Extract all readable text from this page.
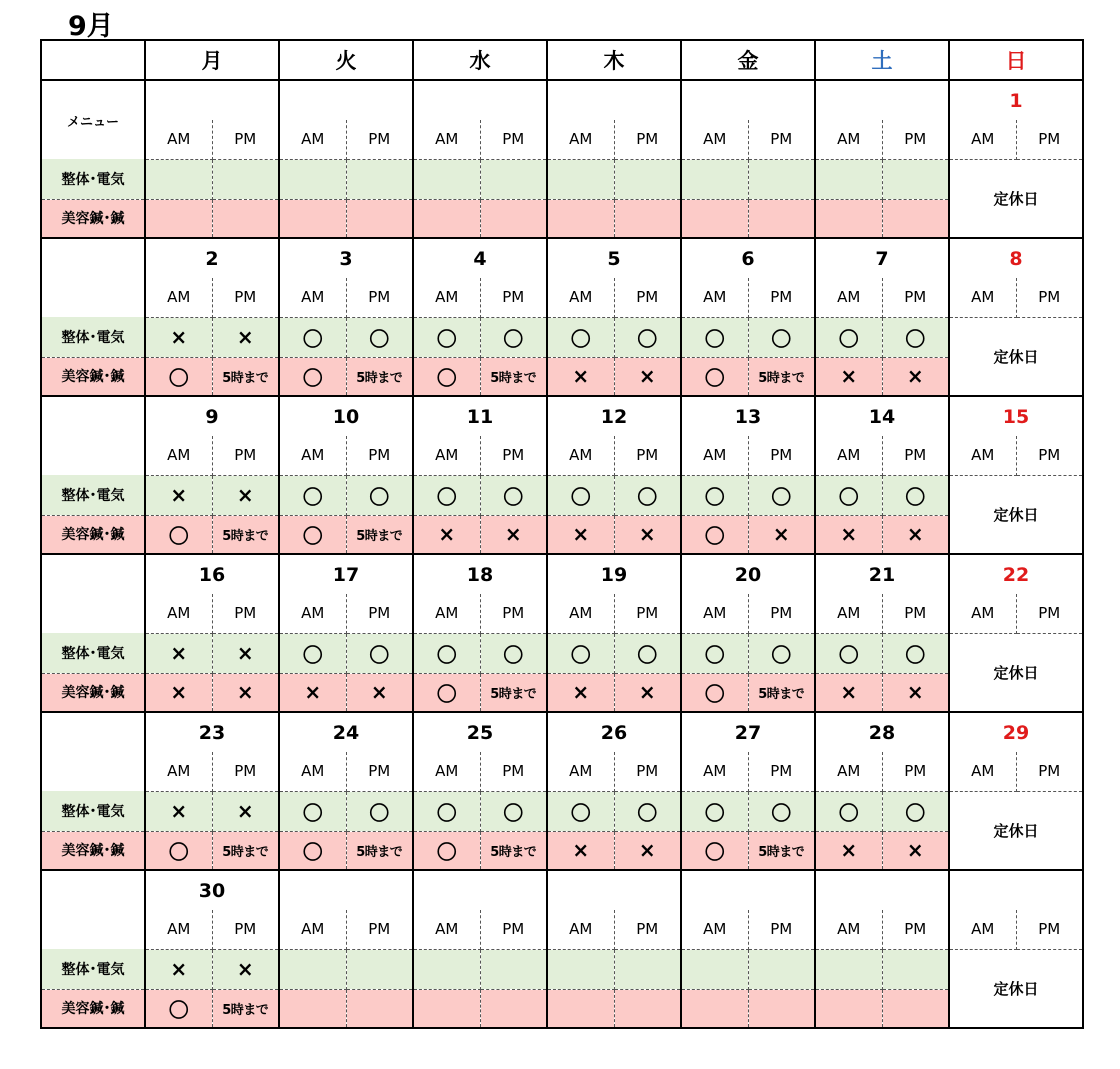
9月
	月		火		水		木		金		土		日	
メニュー													1	
	AM	PM	AM	PM	AM	PM	AM	PM	AM	PM	AM	PM	AM	PM
整体･電気													定休日	
美容鍼･鍼														
	2		3		4		5		6		7		8	
	AM	PM	AM	PM	AM	PM	AM	PM	AM	PM	AM	PM	AM	PM
整体･電気	×	×	〇	〇	〇	〇	〇	〇	〇	〇	〇	〇	定休日	
美容鍼･鍼	〇	5時まで	〇	5時まで	〇	5時まで	×	×	〇	5時まで	×	×		
	9		10		11		12		13		14		15	
	AM	PM	AM	PM	AM	PM	AM	PM	AM	PM	AM	PM	AM	PM
整体･電気	×	×	〇	〇	〇	〇	〇	〇	〇	〇	〇	〇	定休日	
美容鍼･鍼	〇	5時まで	〇	5時まで	×	×	×	×	〇	×	×	×		
	16		17		18		19		20		21		22	
	AM	PM	AM	PM	AM	PM	AM	PM	AM	PM	AM	PM	AM	PM
整体･電気	×	×	〇	〇	〇	〇	〇	〇	〇	〇	〇	〇	定休日	
美容鍼･鍼	×	×	×	×	〇	5時まで	×	×	〇	5時まで	×	×		
	23		24		25		26		27		28		29	
	AM	PM	AM	PM	AM	PM	AM	PM	AM	PM	AM	PM	AM	PM
整体･電気	×	×	〇	〇	〇	〇	〇	〇	〇	〇	〇	〇	定休日	
美容鍼･鍼	〇	5時まで	〇	5時まで	〇	5時まで	×	×	〇	5時まで	×	×		
	30													
	AM	PM	AM	PM	AM	PM	AM	PM	AM	PM	AM	PM	AM	PM
整体･電気	×	×											定休日	
美容鍼･鍼	〇	5時まで												
